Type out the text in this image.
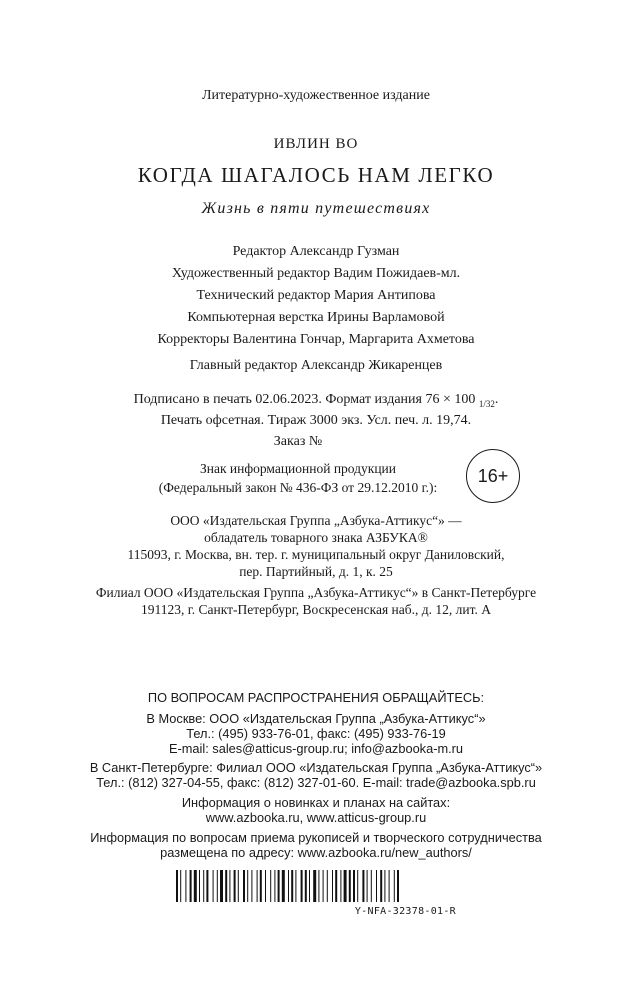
Литературно-художественное издание
ИВЛИН ВО
КОГДА ШАГАЛОСЬ НАМ ЛЕГКО
Жизнь в пяти путешествиях
Редактор Александр Гузман
Художественный редактор Вадим Пожидаев-мл.
Технический редактор Мария Антипова
Компьютерная верстка Ирины Варламовой
Корректоры Валентина Гончар, Маргарита Ахметова
Главный редактор Александр Жикаренцев
Подписано в печать 02.06.2023. Формат издания 76 × 100 $_{1/32}$.
Печать офсетная. Тираж 3000 экз. Усл. печ. л. 19,74.
Заказ №
Знак информационной продукции
(Федеральный закон № 436-ФЗ от 29.12.2010 г.):
16+
ООО «Издательская Группа „Азбука-Аттикус“» —
обладатель товарного знака АЗБУКА®
115093, г. Москва, вн. тер. г. муниципальный округ Даниловский,
пер. Партийный, д. 1, к. 25
Филиал ООО «Издательская Группа „Азбука-Аттикус“» в Санкт-Петербурге
191123, г. Санкт-Петербург, Воскресенская наб., д. 12, лит. А
ПО ВОПРОСАМ РАСПРОСТРАНЕНИЯ ОБРАЩАЙТЕСЬ:
В Москве: ООО «Издательская Группа „Азбука-Аттикус“»
Тел.: (495) 933-76-01, факс: (495) 933-76-19
E-mail: sales@atticus-group.ru; info@azbooka-m.ru
В Санкт-Петербурге: Филиал ООО «Издательская Группа „Азбука-Аттикус“»
Тел.: (812) 327-04-55, факс: (812) 327-01-60. E-mail: trade@azbooka.spb.ru
Информация о новинках и планах на сайтах:
www.azbooka.ru, www.atticus-group.ru
Информация по вопросам приема рукописей и творческого сотрудничества
размещена по адресу: www.azbooka.ru/new_authors/
Y-NFA-32378-01-R
